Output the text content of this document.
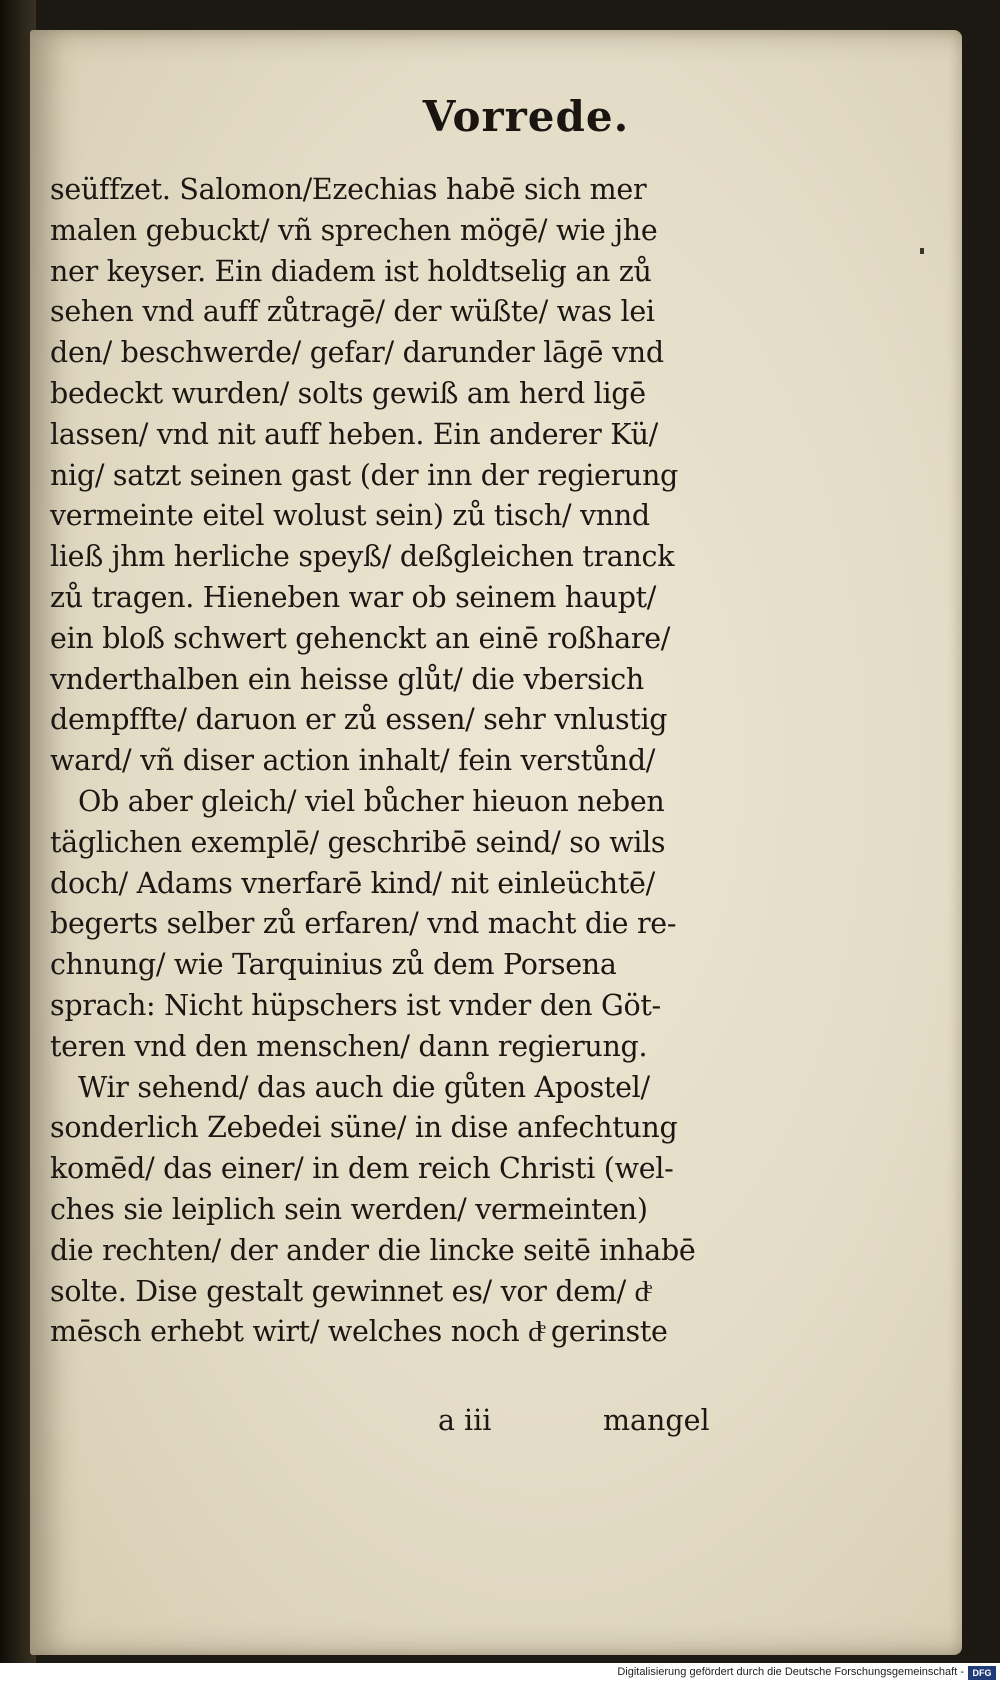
Vorrede.
seüffzet. Salomon/Ezechias habē sich mer
malen gebuckt/ vñ sprechen mögē/ wie jhe
ner keyser. Ein diadem ist holdtselig an zů
sehen vnd auff zůtragē/ der wüßte/ was lei
den/ beschwerde/ gefar/ darunder lāgē vnd
bedeckt wurden/ solts gewiß am herd ligē
lassen/ vnd nit auff heben. Ein anderer Kü/
nig/ satzt seinen gast (der inn der regierung
vermeinte eitel wolust sein) zů tisch/ vnnd
ließ jhm herliche speyß/ deßgleichen tranck
zů tragen. Hieneben war ob seinem haupt/
ein bloß schwert gehenckt an einē roßhare/
vnderthalben ein heisse glůt/ die vbersich
dempffte/ daruon er zů essen/ sehr vnlustig
ward/ vñ diser action inhalt/ fein verstůnd/
Ob aber gleich/ viel bůcher hieuon neben
täglichen exemplē/ geschribē seind/ so wils
doch/ Adams vnerfarē kind/ nit einleüchtē/
begerts selber zů erfaren/ vnd macht die re-
chnung/ wie Tarquinius zů dem Porsena
sprach: Nicht hüpschers ist vnder den Göt-
teren vnd den menschen/ dann regierung.
Wir sehend/ das auch die gůten Apostel/
sonderlich Zebedei süne/ in dise anfechtung
komēd/ das einer/ in dem reich Christi (wel-
ches sie leiplich sein werden/ vermeinten)
die rechten/ der ander die lincke seitē inhabē
solte. Dise gestalt gewinnet es/ vor dem/ dͤ
mēsch erhebt wirt/ welches noch dͤ gerinste
a iii	mangel
Digitalisierung gefördert durch die Deutsche Forschungsgemeinschaft - DFG
